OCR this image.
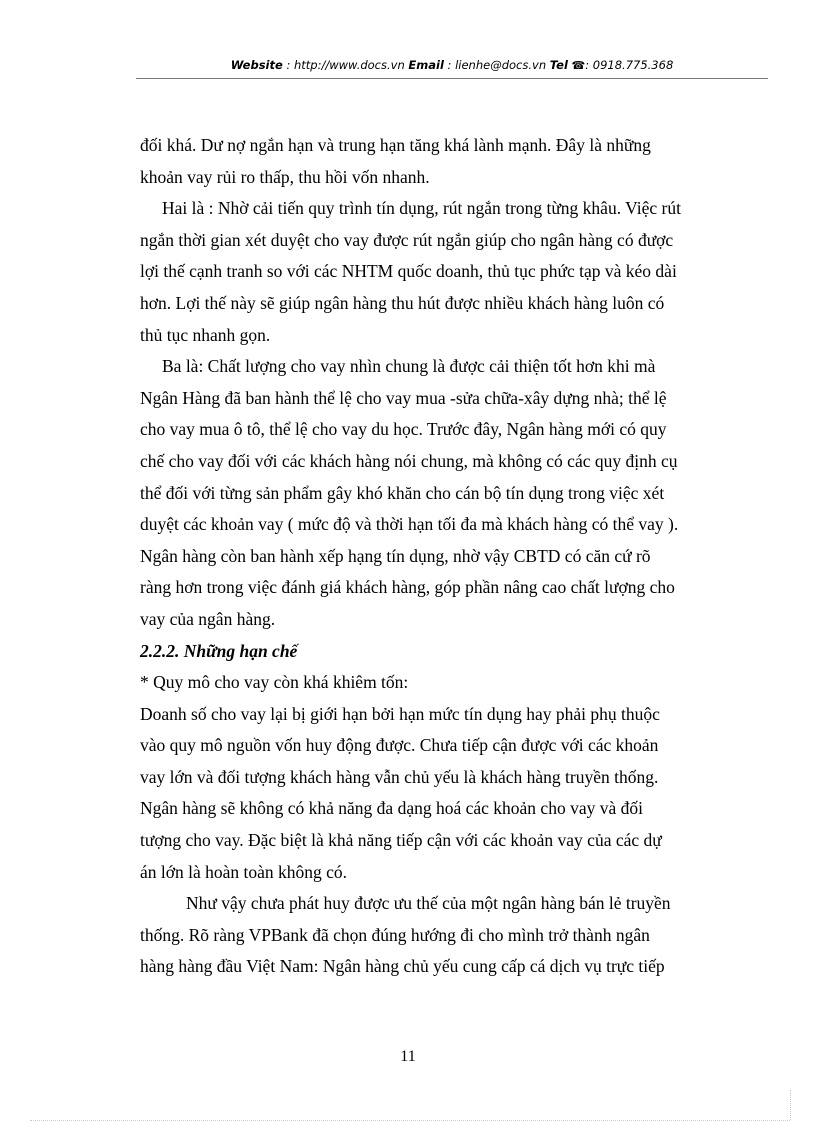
Website : http://www.docs.vn Email : lienhe@docs.vn Tel ☎: 0918.775.368

đối khá. Dư nợ ngắn hạn và trung hạn tăng khá lành mạnh. Đây là những

khoản vay rủi ro thấp, thu hồi vốn nhanh.

Hai là : Nhờ cải tiến quy trình tín dụng, rút ngắn trong từng khâu. Việc rút

ngắn thời gian xét duyệt cho vay được rút ngắn giúp cho ngân hàng có được

lợi thế cạnh tranh so với các NHTM quốc doanh, thủ tục phức tạp và kéo dài

hơn. Lợi thế này sẽ giúp ngân hàng thu hút được nhiều khách hàng luôn có

thủ tục nhanh gọn.

Ba là: Chất lượng cho vay nhìn chung là được cải thiện tốt hơn khi mà

Ngân Hàng đã ban hành thể lệ cho vay mua -sửa chữa-xây dựng nhà; thể lệ

cho vay mua ô tô, thể lệ cho vay du học. Trước đây, Ngân hàng mới có quy

chế cho vay đối với các khách hàng nói chung, mà không có các quy định cụ

thể đối với từng sản phẩm gây khó khăn cho cán bộ tín dụng trong việc xét

duyệt các khoản vay ( mức độ và thời hạn tối đa mà khách hàng có thể vay ).

Ngân hàng còn ban hành xếp hạng tín dụng, nhờ vậy CBTD có căn cứ rõ

ràng hơn trong việc đánh giá khách hàng, góp phần nâng cao chất lượng cho

vay của ngân hàng.

2.2.2. Những hạn chế

* Quy mô cho vay còn khá khiêm tốn:

Doanh số cho vay lại bị giới hạn bởi hạn mức tín dụng hay phải phụ thuộc

vào quy mô nguồn vốn huy động được. Chưa tiếp cận được với các khoản

vay lớn và đối tượng khách hàng vẫn chủ yếu là khách hàng truyền thống.

Ngân hàng sẽ không có khả năng đa dạng hoá các khoản cho vay và đối

tượng cho vay. Đặc biệt là khả năng tiếp cận với các khoản vay của các dự

án lớn là hoàn toàn không có.

Như vậy chưa phát huy được ưu thế của một ngân hàng bán lẻ truyền

thống. Rõ ràng VPBank đã chọn đúng hướng đi cho mình trở thành ngân

hàng hàng đầu Việt Nam: Ngân hàng chủ yếu cung cấp cá dịch vụ trực tiếp

11
